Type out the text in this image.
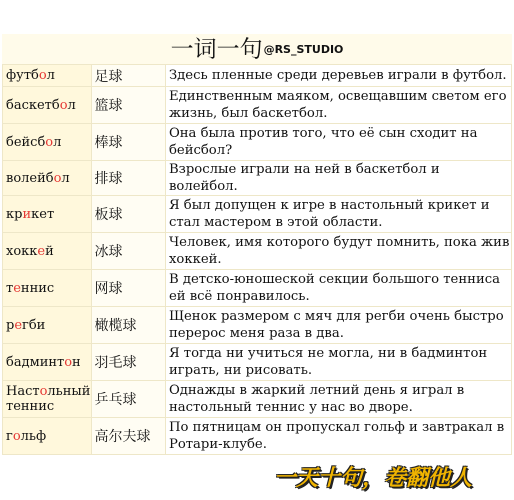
一词一句@RS_STUDIO
футбол	足球	Здесь пленные среди деревьев играли в футбол.
баскетбол	篮球	Единственным маяком, освещавшим светом его жизнь, был баскетбол.
бейсбол	棒球	Она была против того, что её сын сходит на бейсбол?
волейбол	排球	Взрослые играли на ней в баскетбол и волейбол.
крикет	板球	Я был допущен к игре в настольный крикет и стал мастером в этой области.
хоккей	冰球	Человек, имя которого будут помнить, пока жив хоккей.
теннис	网球	В детско-юношеской секции большого тенниса ей всё понравилось.
регби	橄榄球	Щенок размером с мяч для регби очень быстро перерос меня раза в два.
бадминтон	羽毛球	Я тогда ни учиться не могла, ни в бадминтон играть, ни рисовать.
Настольный теннис	乒乓球	Однажды в жаркий летний день я играл в настольный теннис у нас во дворе.
гольф	高尔夫球	По пятницам он пропускал гольф и завтракал в Ротари-клубе.
一天十句，卷翻他人
